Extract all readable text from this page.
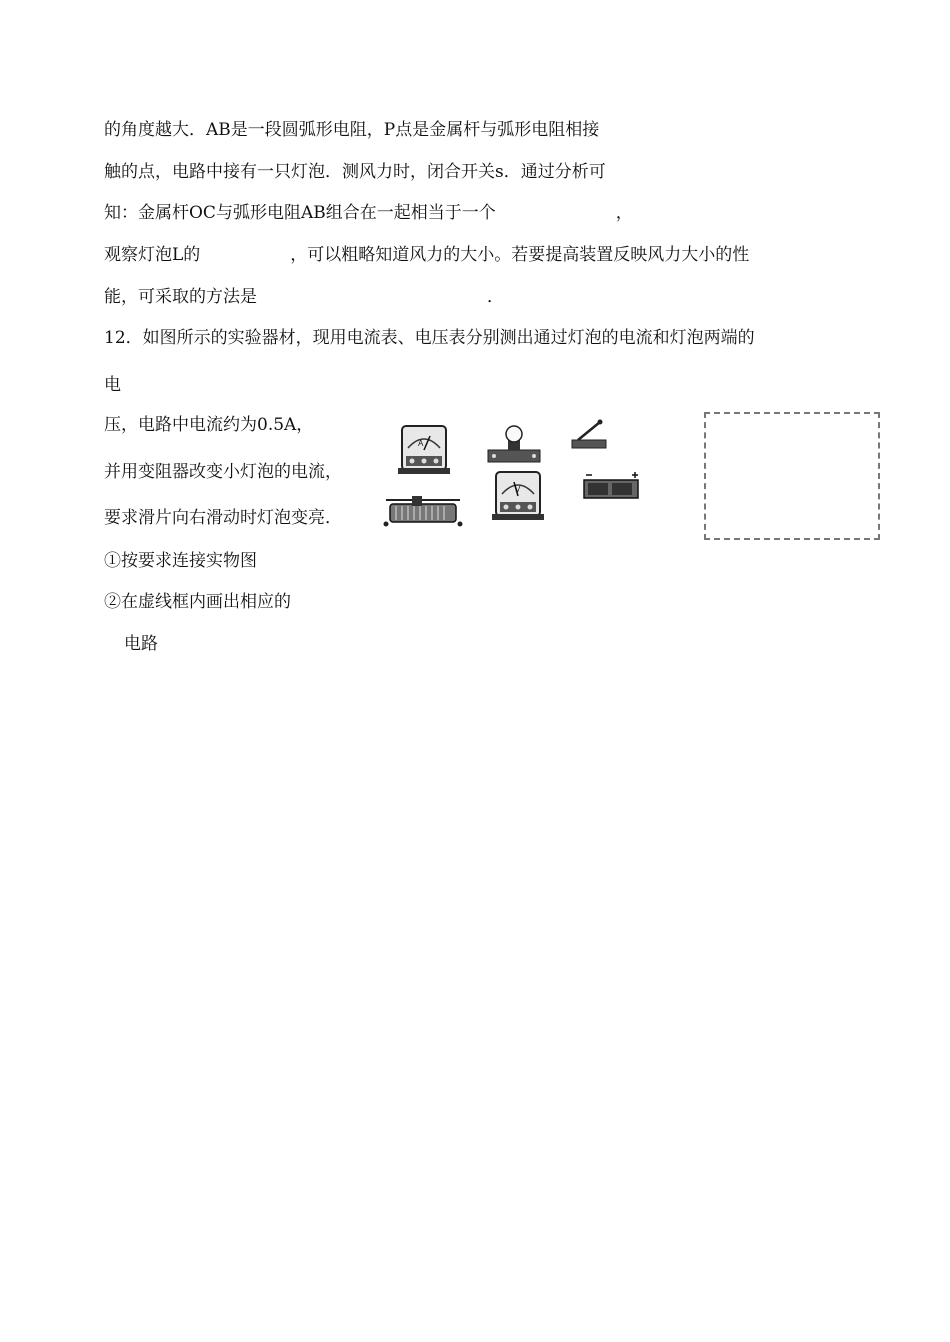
的角度越大．AB是一段圆弧形电阻，P点是金属杆与弧形电阻相接
触的点，电路中接有一只灯泡．测风力时，闭合开关s．通过分析可
知：金属杆OC与弧形电阻AB组合在一起相当于一个	，
观察灯泡L的	，可以粗略知道风力的大小。若要提高装置反映风力大小的性
能，可采取的方法是	．
12．如图所示的实验器材，现用电流表、电压表分别测出通过灯泡的电流和灯泡两端的
电
压，电路中电流约为0.5A，
并用变阻器改变小灯泡的电流，
要求滑片向右滑动时灯泡变亮．
①按要求连接实物图
②在虚线框内画出相应的
电路
A
V
